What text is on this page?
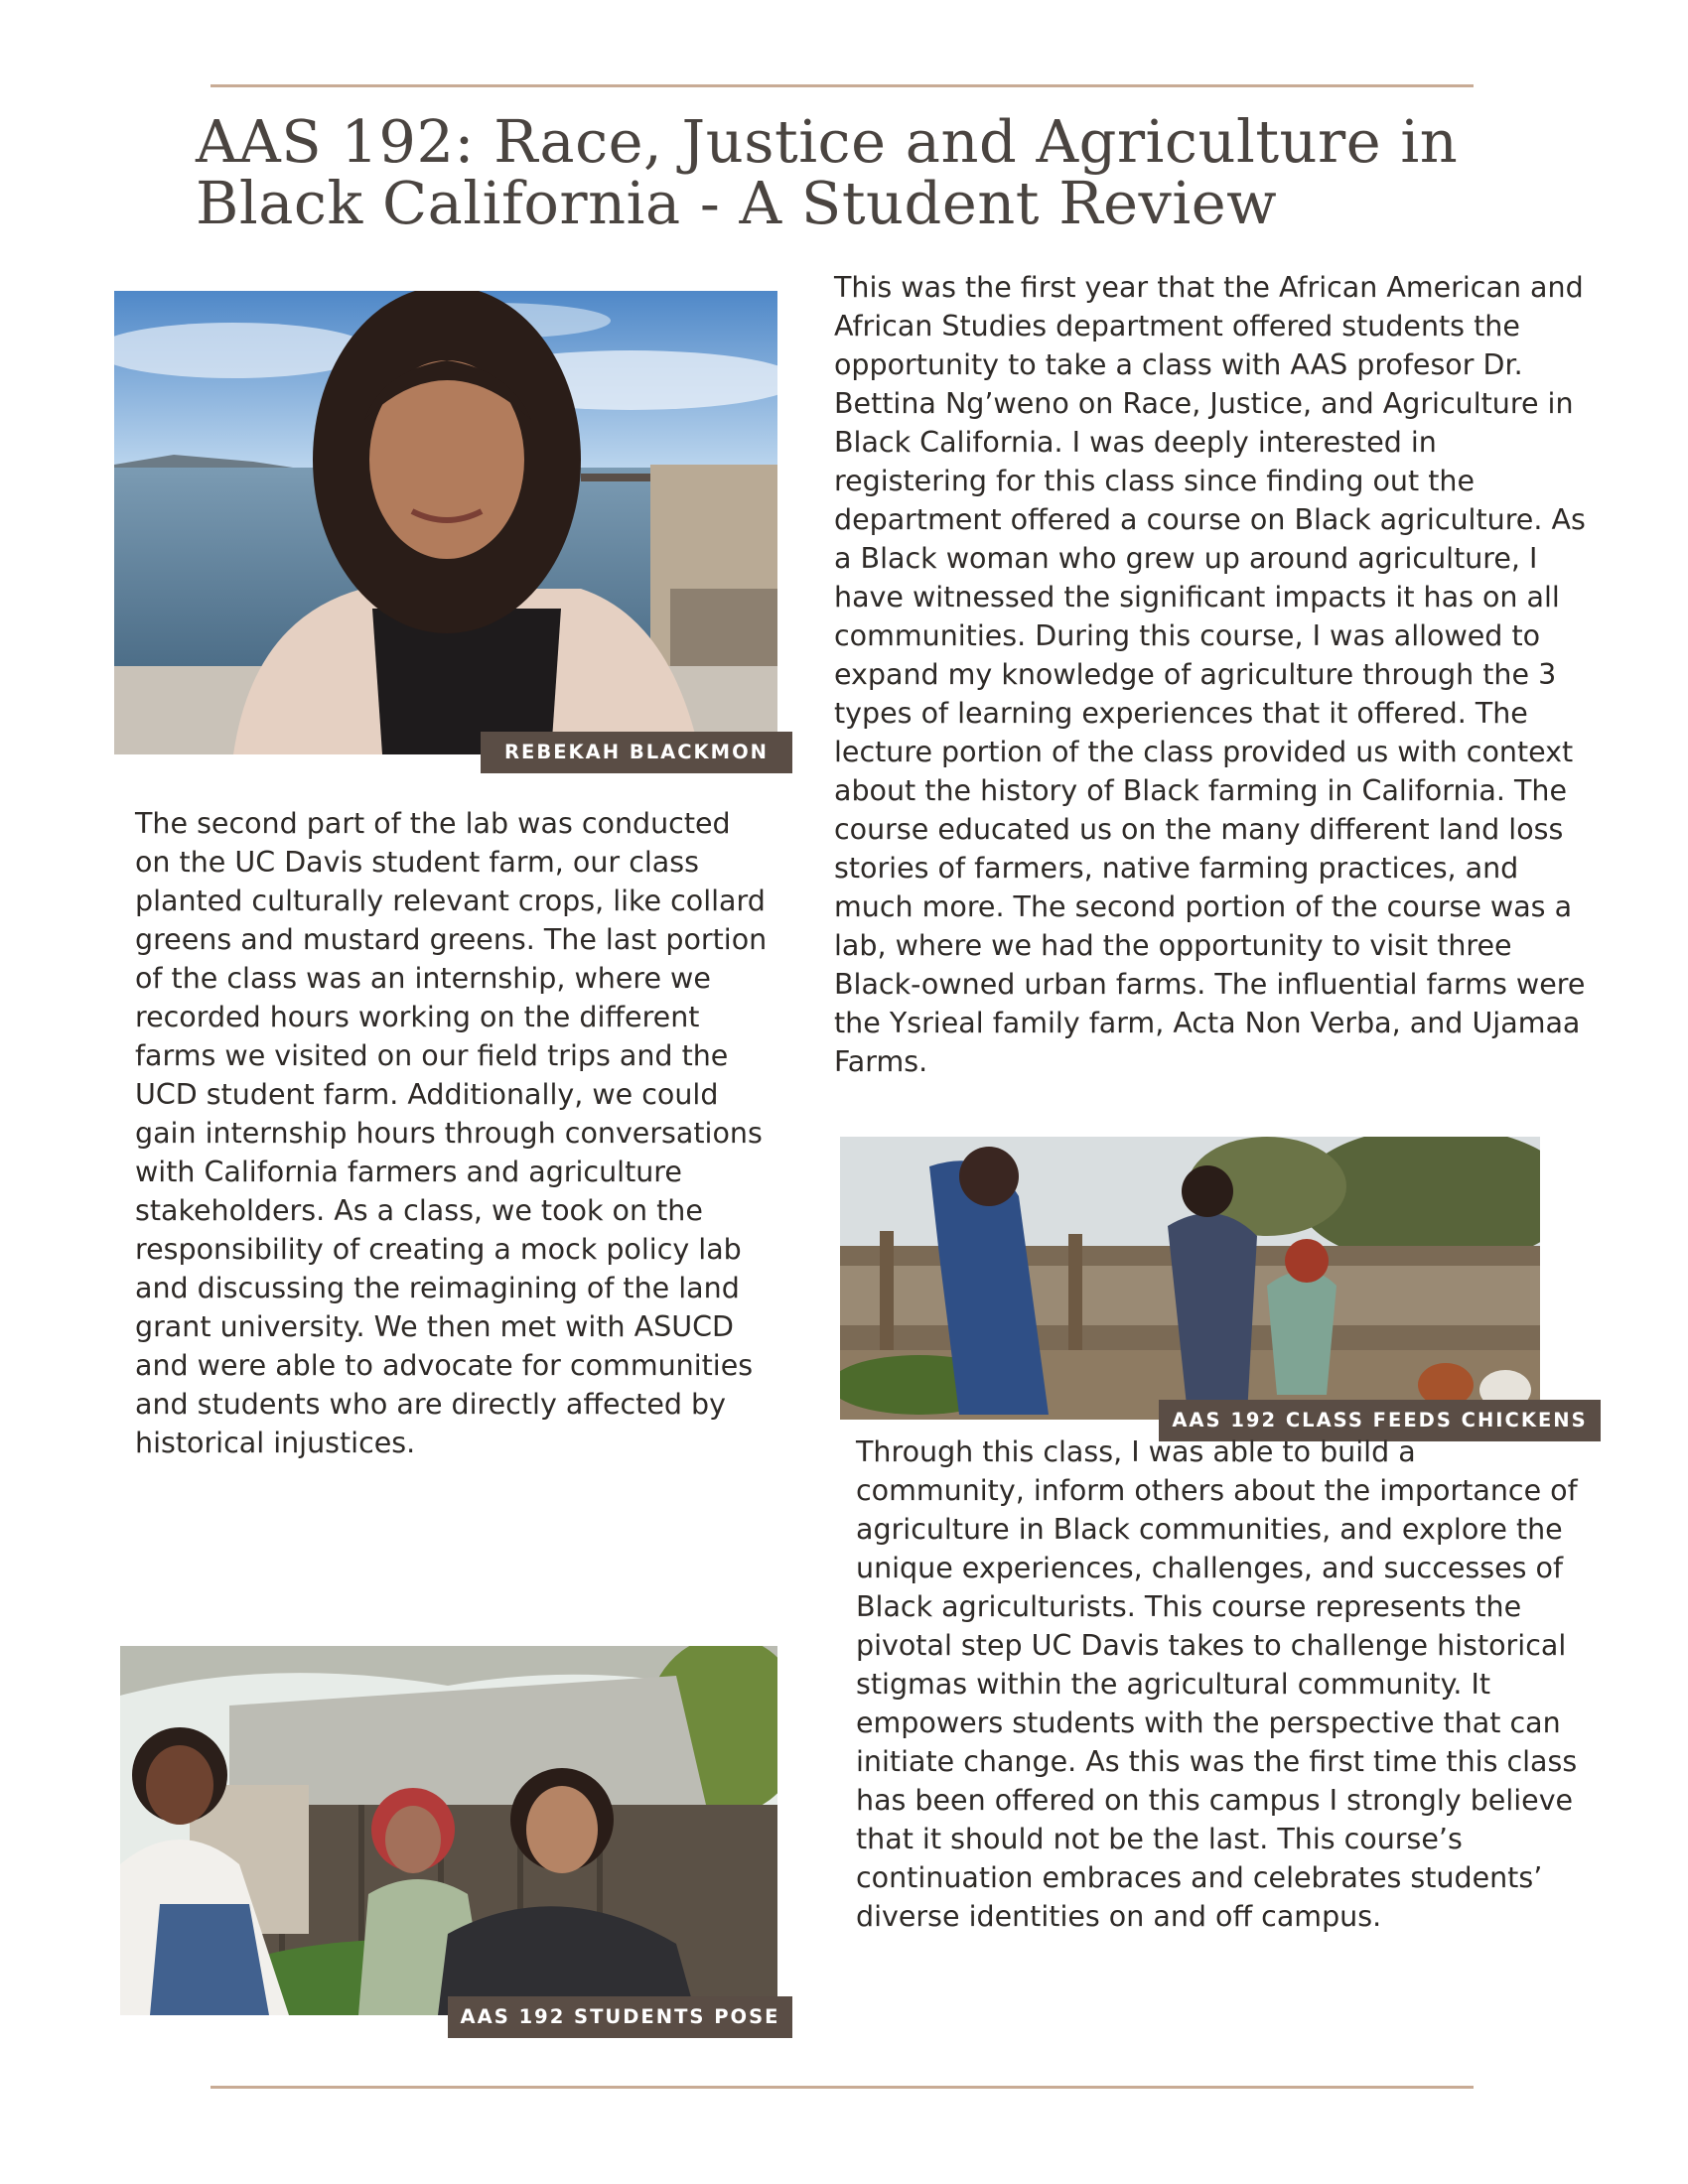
AAS 192: Race, Justice and Agriculture in Black California - A Student Review
REBEKAH BLACKMON

This was the first year that the African American and African Studies department offered students the opportunity to take a class with AAS profesor Dr. Bettina Ng’weno on Race, Justice, and Agriculture in Black California. I was deeply interested in registering for this class since finding out the department offered a course on Black agriculture. As a Black woman who grew up around agriculture, I have witnessed the significant impacts it has on all communities. During this course, I was allowed to expand my knowledge of agriculture through the 3 types of learning experiences that it offered. The lecture portion of the class provided us with context about the history of Black farming in California. The course educated us on the many different land loss stories of farmers, native farming practices, and much more. The second portion of the course was a lab, where we had the opportunity to visit three Black-owned urban farms. The influential farms were the Ysrieal family farm, Acta Non Verba, and Ujamaa Farms.

The second part of the lab was conducted on the UC Davis student farm, our class planted culturally relevant crops, like collard greens and mustard greens. The last portion of the class was an internship, where we recorded hours working on the different farms we visited on our field trips and the UCD student farm. Additionally, we could gain internship hours through conversations with California farmers and agriculture stakeholders. As a class, we took on the responsibility of creating a mock policy lab and discussing the reimagining of the land grant university. We then met with ASUCD and were able to advocate for communities and students who are directly affected by historical injustices.

AAS 192 CLASS FEEDS CHICKENS

Through this class, I was able to build a community, inform others about the importance of agriculture in Black communities, and explore the unique experiences, challenges, and successes of Black agriculturists. This course represents the pivotal step UC Davis takes to challenge historical stigmas within the agricultural community. It empowers students with the perspective that can initiate change. As this was the first time this class has been offered on this campus I strongly believe that it should not be the last. This course’s continuation embraces and celebrates students’ diverse identities on and off campus.

AAS 192 STUDENTS POSE
